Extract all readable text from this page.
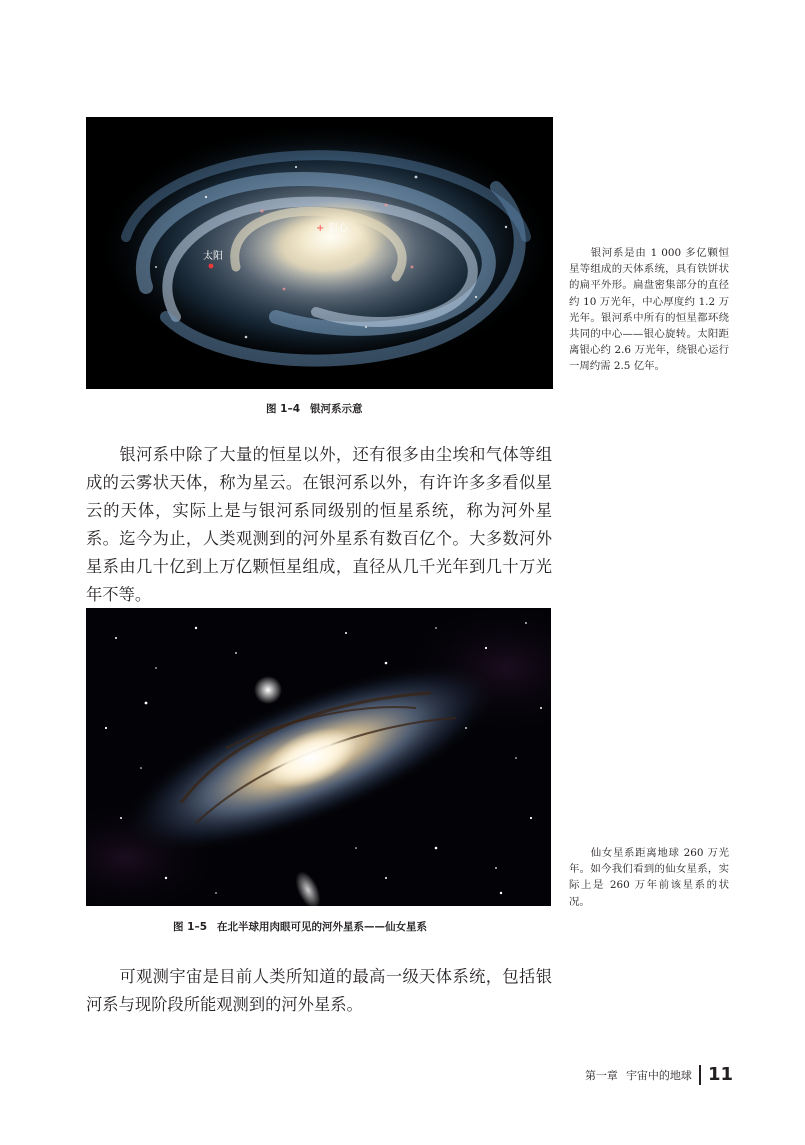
+ 银心
太阳	银河系是由 1 000 多亿颗恒星等组成的天体系统，具有铁饼状的扁平外形。扁盘密集部分的直径约 10 万光年，中心厚度约 1.2 万光年。银河系中所有的恒星都环绕共同的中心——银心旋转。太阳距离银心约 2.6 万光年，绕银心运行一周约需 2.5 亿年。
图 1–4 银河系示意
银河系中除了大量的恒星以外，还有很多由尘埃和气体等组成的云雾状天体，称为星云。在银河系以外，有许许多多看似星云的天体，实际上是与银河系同级别的恒星系统，称为河外星系。迄今为止，人类观测到的河外星系有数百亿个。大多数河外星系由几十亿到上万亿颗恒星组成，直径从几千光年到几十万光年不等。
仙女星系距离地球 260 万光年。如今我们看到的仙女星系，实际上是 260 万年前该星系的状况。
图 1–5 在北半球用肉眼可见的河外星系——仙女星系
可观测宇宙是目前人类所知道的最高一级天体系统，包括银河系与现阶段所能观测到的河外星系。
第一章 宇宙中的地球 11
